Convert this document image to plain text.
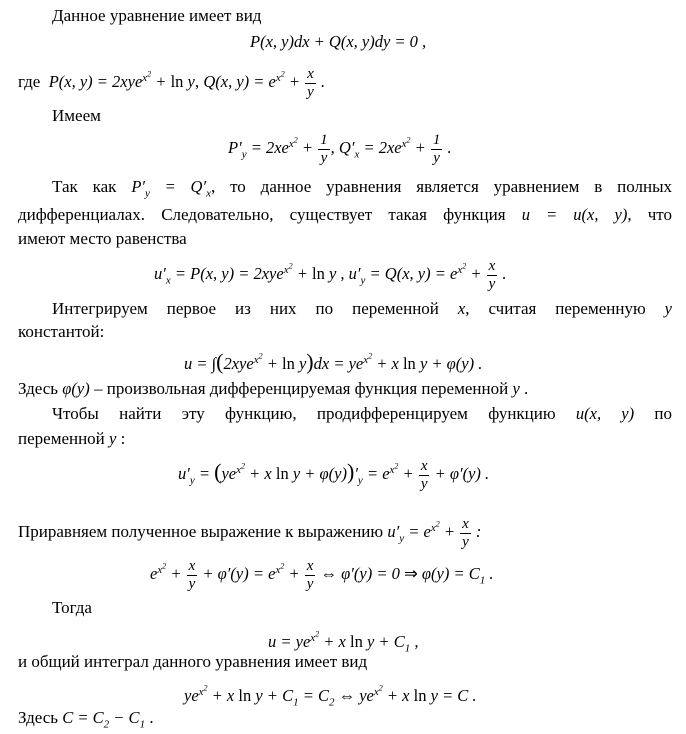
Данное уравнение имеет вид
P(x, y)dx + Q(x, y)dy = 0 ,
где  P(x, y) = 2xye$^{x^2}$ + ln y, Q(x, $y) = e^{x^2} + \frac{x}{y}$ .
Имеем
$P'_y = 2xe^{x^2} + \frac{1}{y}$ , $Q'_x = 2xe^{x^2} + \frac{1}{y}$ .
Так как $P'_y = Q'_x$, то данное уравнения является уравнением в полных
дифференциалах. Следовательно, существует такая функция u = u(x, y), что
имеют место равенства
$u'_x = P(x$, y) = 2xye$^{x^2}$ + ln y , $u'_y = Q(x$, $y) = e^{x^2} + \frac{x}{y}$ .
Интегрируем первое из них по переменной x, считая переменную y
константой:
$u = \int(2xye^{x^2} + \ln y)dx = ye^{x^2} + x$ ln y + φ(y) .
Здесь φ(y) – произвольная дифференцируемая функция переменной y .
Чтобы найти эту функцию, продифференцируем функцию u(x, y) по
переменной y :
$u'_y = (ye^{x^2} + x$ $\ln y + \varphi(y))'_y = e^{x^2} + \frac{x}{y} + \varphi'(y)$ .
Приравняем полученное выражение к выражению $u'_y = e^{x^2} + \frac{x}{y}$ :
$e^{x^2} + \frac{x}{y} + \varphi'(y) = e^{x^2} + \frac{x}{y}$ ⇔ φ′(y) = 0 ⇒ $\varphi(y) = C_1$ .
Тогда
$u = ye^{x^2} + x$ $\ln y + C_1$ ,
и общий интеграл данного уравнения имеет вид
$ye^{x^2} + x$ $\ln y + C_1 = C_2$ ⇔ $ye^{x^2} + x$ ln y = C .
Здесь $C = C_2 - C_1$ .
